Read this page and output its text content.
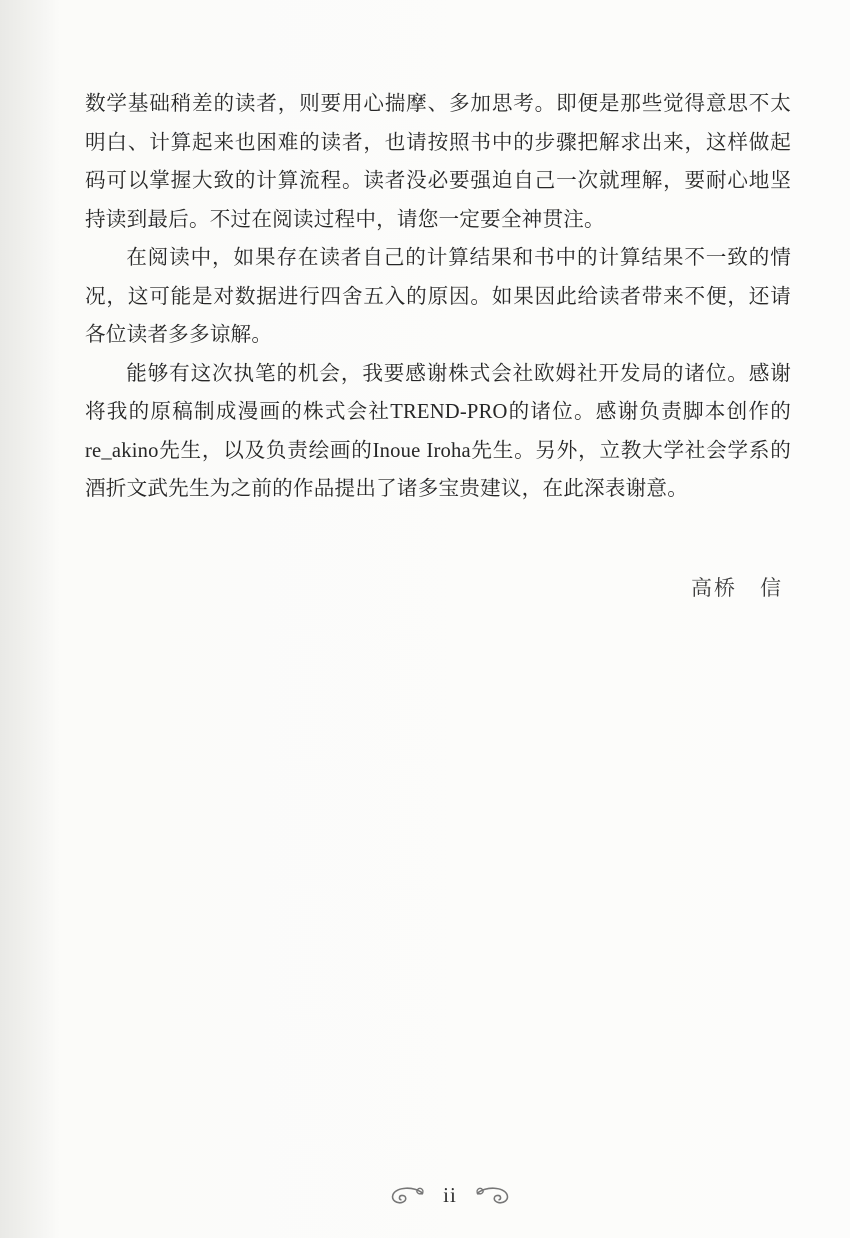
数学基础稍差的读者，则要用心揣摩、多加思考。即便是那些觉得意思不太明白、计算起来也困难的读者，也请按照书中的步骤把解求出来，这样做起码可以掌握大致的计算流程。读者没必要强迫自己一次就理解，要耐心地坚持读到最后。不过在阅读过程中，请您一定要全神贯注。

在阅读中，如果存在读者自己的计算结果和书中的计算结果不一致的情况，这可能是对数据进行四舍五入的原因。如果因此给读者带来不便，还请各位读者多多谅解。

能够有这次执笔的机会，我要感谢株式会社欧姆社开发局的诸位。感谢将我的原稿制成漫画的株式会社TREND-PRO的诸位。感谢负责脚本创作的re_akino先生，以及负责绘画的Inoue Iroha先生。另外，立教大学社会学系的酒折文武先生为之前的作品提出了诸多宝贵建议，在此深表谢意。

高桥　信
ii
